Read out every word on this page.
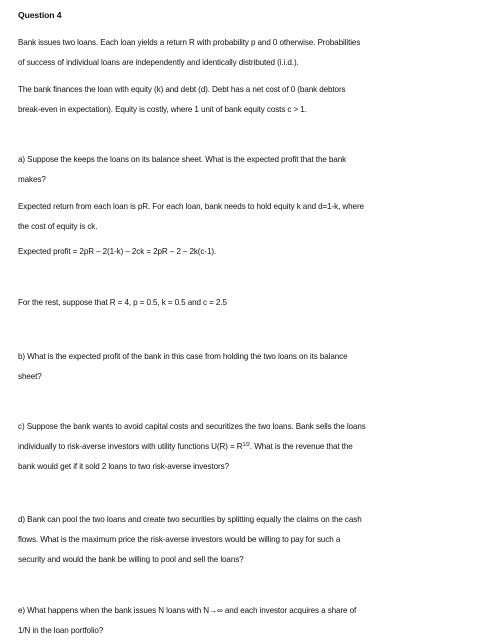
Question 4
Bank issues two loans. Each loan yields a return R with probability p and 0 otherwise. Probabilities
of success of individual loans are independently and identically distributed (i.i.d.).
The bank finances the loan with equity (k) and debt (d). Debt has a net cost of 0 (bank debtors
break-even in expectation). Equity is costly, where 1 unit of bank equity costs c > 1.
a) Suppose the keeps the loans on its balance sheet. What is the expected profit that the bank
makes?
Expected return from each loan is pR. For each loan, bank needs to hold equity k and d=1-k, where
the cost of equity is ck.
Expected profit = 2pR – 2(1-k) – 2ck = 2pR – 2 – 2k(c-1).
For the rest, suppose that R = 4, p = 0.5, k = 0.5 and c = 2.5
b) What is the expected profit of the bank in this case from holding the two loans on its balance
sheet?
c) Suppose the bank wants to avoid capital costs and securitizes the two loans. Bank sells the loans
individually to risk-averse investors with utility functions $U(R) = R^{1/2}$. What is the revenue that the
bank would get if it sold 2 loans to two risk-averse investors?
d) Bank can pool the two loans and create two securities by splitting equally the claims on the cash
flows. What is the maximum price the risk-averse investors would be willing to pay for such a
security and would the bank be willing to pool and sell the loans?
e) What happens when the bank issues N loans with N→∞ and each investor acquires a share of
1/N in the loan portfolio?
